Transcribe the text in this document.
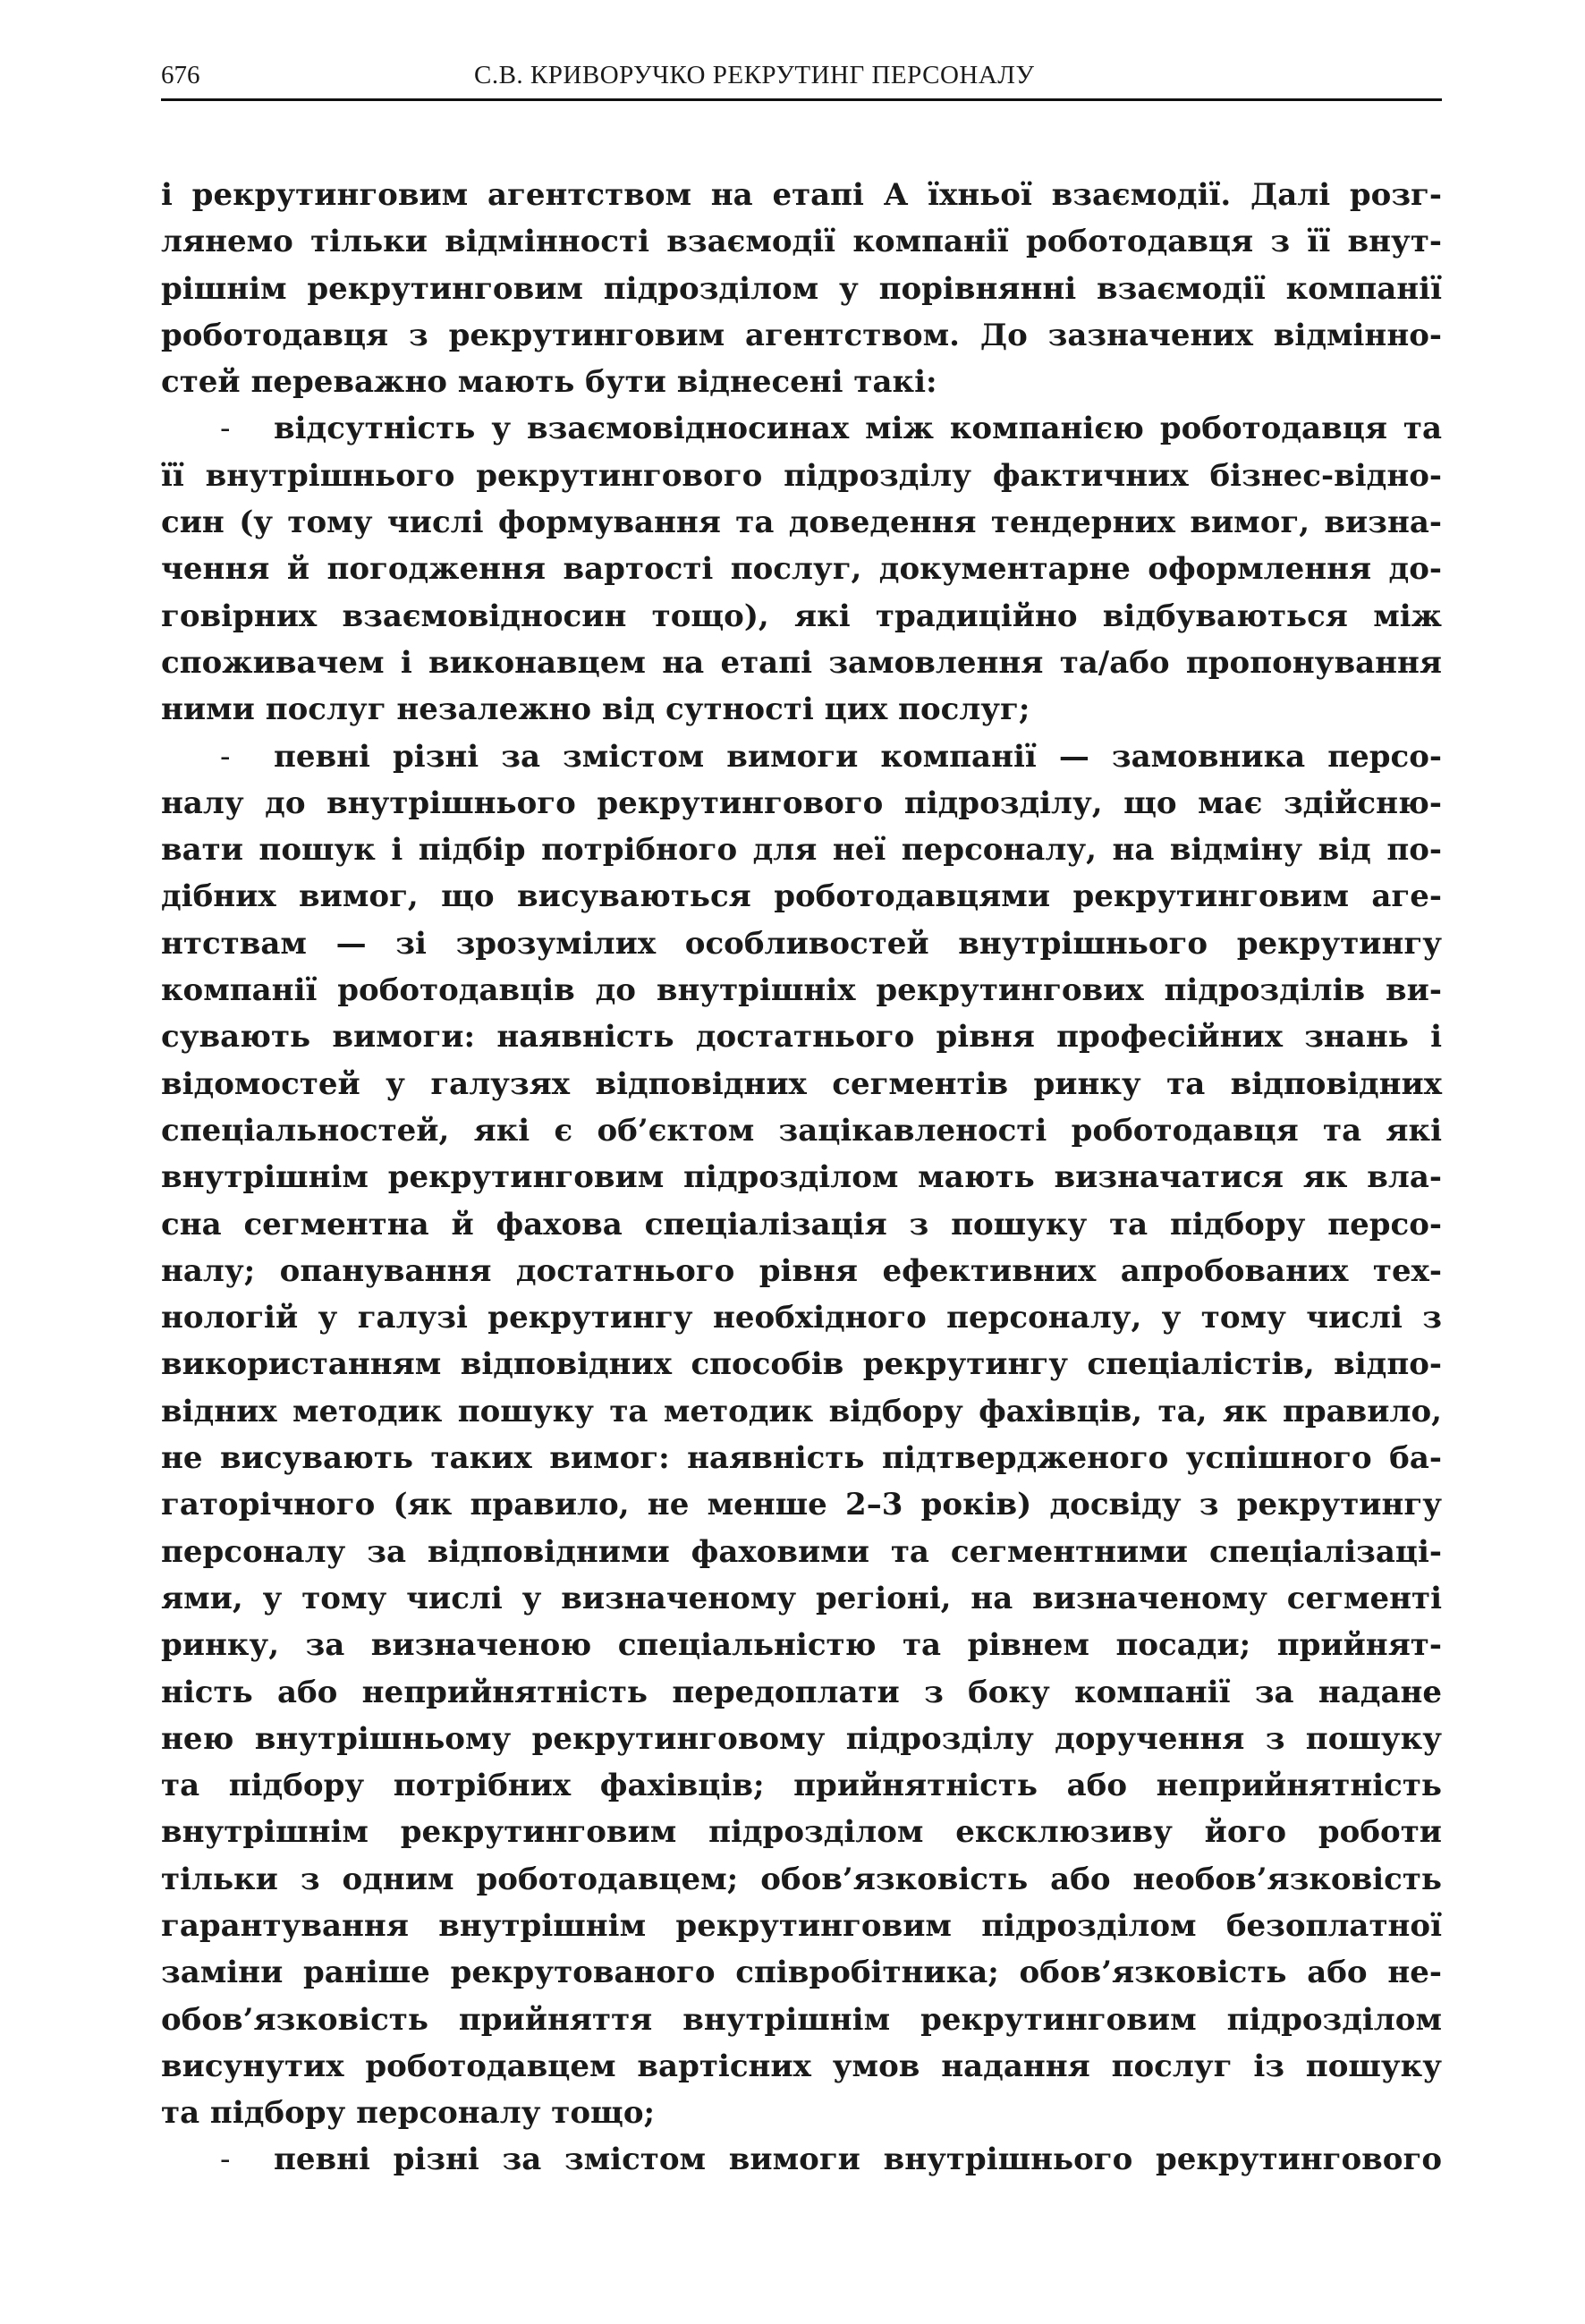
676	С.В. КРИВОРУЧКО РЕКРУТИНГ ПЕРСОНАЛУ
і рекрутинговим агентством на етапі А їхньої взаємодії. Далі розг-
лянемо тільки відмінності взаємодії компанії роботодавця з її внут-
рішнім рекрутинговим підрозділом у порівнянні взаємодії компанії
роботодавця з рекрутинговим агентством. До зазначених відмінно-
стей переважно мають бути віднесені такі:
- відсутність у взаємовідносинах між компанією роботодавця та
її внутрішнього рекрутингового підрозділу фактичних бізнес-відно-
син (у тому числі формування та доведення тендерних вимог, визна-
чення й погодження вартості послуг, документарне оформлення до-
говірних взаємовідносин тощо), які традиційно відбуваються між
споживачем і виконавцем на етапі замовлення та/або пропонування
ними послуг незалежно від сутності цих послуг;
- певні різні за змістом вимоги компанії — замовника персо-
налу до внутрішнього рекрутингового підрозділу, що має здійсню-
вати пошук і підбір потрібного для неї персоналу, на відміну від по-
дібних вимог, що висуваються роботодавцями рекрутинговим аге-
нтствам — зі зрозумілих особливостей внутрішнього рекрутингу
компанії роботодавців до внутрішніх рекрутингових підрозділів ви-
сувають вимоги: наявність достатнього рівня професійних знань і
відомостей у галузях відповідних сегментів ринку та відповідних
спеціальностей, які є об’єктом зацікавленості роботодавця та які
внутрішнім рекрутинговим підрозділом мають визначатися як вла-
сна сегментна й фахова спеціалізація з пошуку та підбору персо-
налу; опанування достатнього рівня ефективних апробованих тех-
нологій у галузі рекрутингу необхідного персоналу, у тому числі з
використанням відповідних способів рекрутингу спеціалістів, відпо-
відних методик пошуку та методик відбору фахівців, та, як правило,
не висувають таких вимог: наявність підтвердженого успішного ба-
гаторічного (як правило, не менше 2–3 років) досвіду з рекрутингу
персоналу за відповідними фаховими та сегментними спеціалізаці-
ями, у тому числі у визначеному регіоні, на визначеному сегменті
ринку, за визначеною спеціальністю та рівнем посади; прийнят-
ність або неприйнятність передоплати з боку компанії за надане
нею внутрішньому рекрутинговому підрозділу доручення з пошуку
та підбору потрібних фахівців; прийнятність або неприйнятність
внутрішнім рекрутинговим підрозділом ексклюзиву його роботи
тільки з одним роботодавцем; обов’язковість або необов’язковість
гарантування внутрішнім рекрутинговим підрозділом безоплатної
заміни раніше рекрутованого співробітника; обов’язковість або не-
обов’язковість прийняття внутрішнім рекрутинговим підрозділом
висунутих роботодавцем вартісних умов надання послуг із пошуку
та підбору персоналу тощо;
- певні різні за змістом вимоги внутрішнього рекрутингового
